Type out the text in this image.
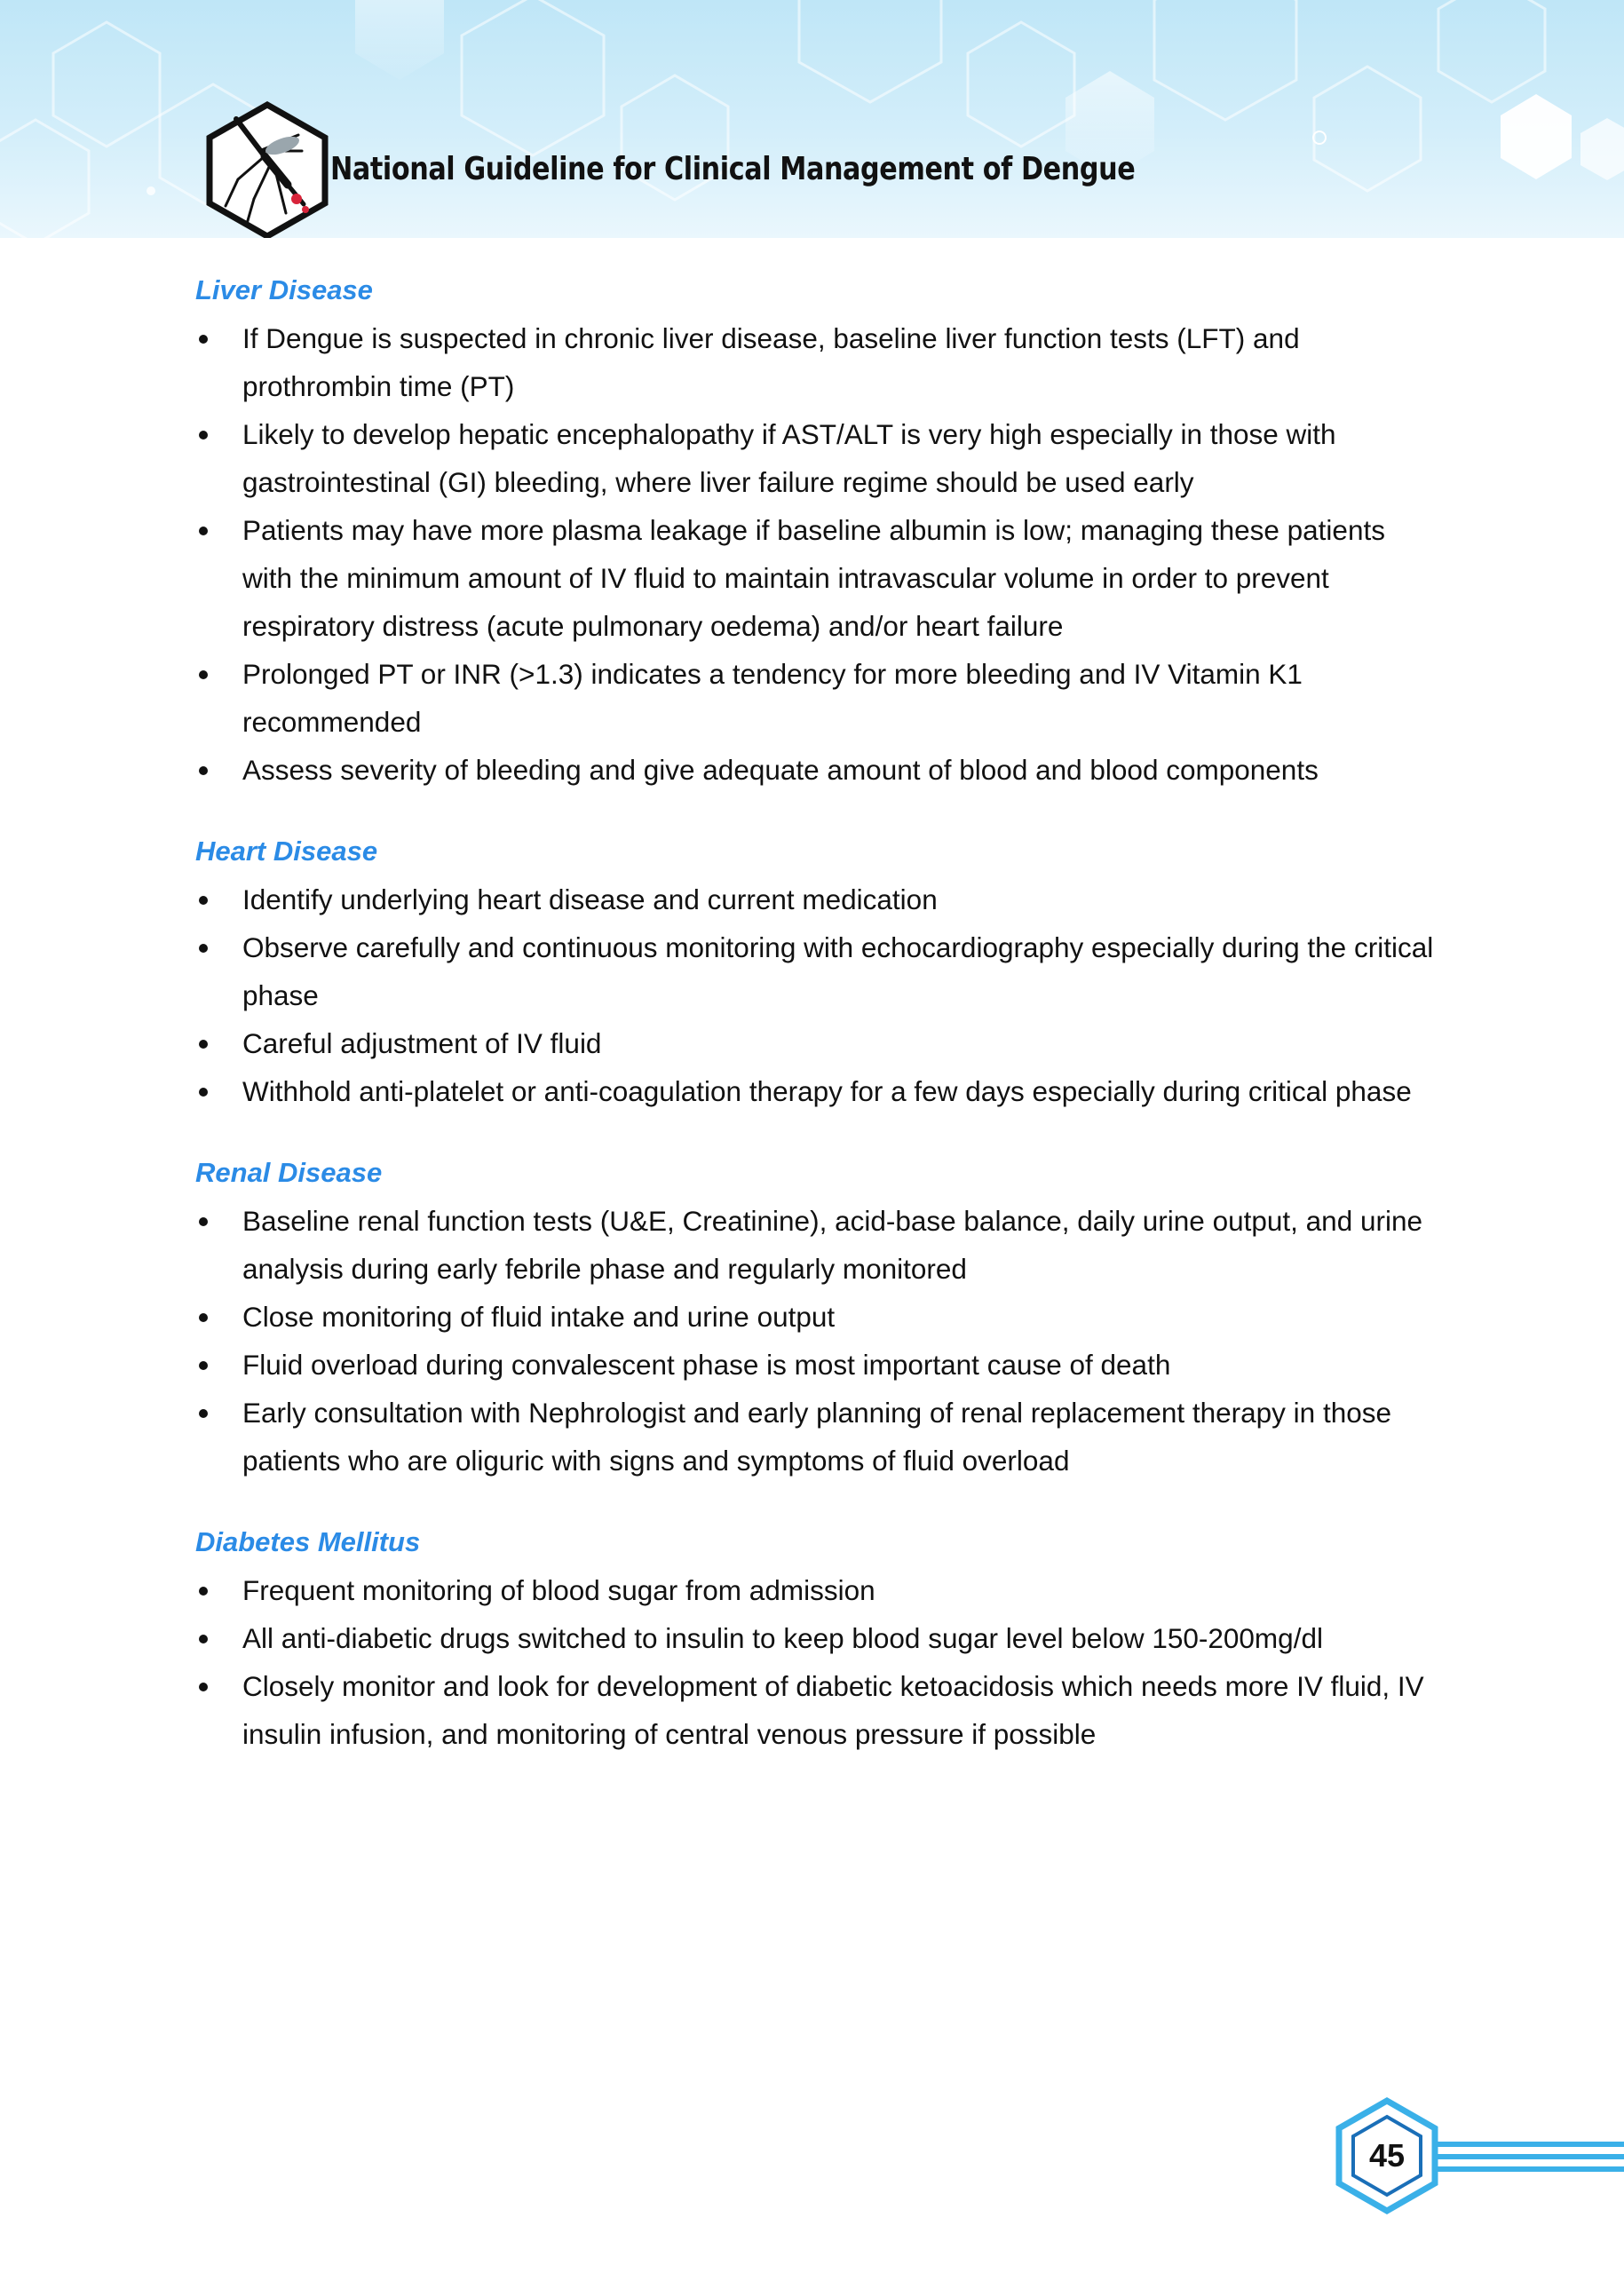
National Guideline for Clinical Management of Dengue
Liver Disease
If Dengue is suspected in chronic liver disease, baseline liver function tests (LFT) and prothrombin time (PT)
Likely to develop hepatic encephalopathy if AST/ALT is very high especially in those with gastrointestinal (GI) bleeding, where liver failure regime should be used early
Patients may have more plasma leakage if baseline albumin is low; managing these patients with the minimum amount of IV fluid to maintain intravascular volume in order to prevent respiratory distress (acute pulmonary oedema) and/or heart failure
Prolonged PT or INR (>1.3) indicates a tendency for more bleeding and IV Vitamin K1 recommended
Assess severity of bleeding and give adequate amount of blood and blood components
Heart Disease
Identify underlying heart disease and current medication
Observe carefully and continuous monitoring with echocardiography especially during the critical phase
Careful adjustment of IV fluid
Withhold anti-platelet or anti-coagulation therapy for a few days especially during critical phase
Renal Disease
Baseline renal function tests (U&E, Creatinine), acid-base balance, daily urine output, and urine analysis during early febrile phase and regularly monitored
Close monitoring of fluid intake and urine output
Fluid overload during convalescent phase is most important cause of death
Early consultation with Nephrologist and early planning of renal replacement therapy in those patients who are oliguric with signs and symptoms of fluid overload
Diabetes Mellitus
Frequent monitoring of blood sugar from admission
All anti-diabetic drugs switched to insulin to keep blood sugar level below 150-200mg/dl
Closely monitor and look for development of diabetic ketoacidosis which needs more IV fluid, IV insulin infusion, and monitoring of central venous pressure if possible
45
